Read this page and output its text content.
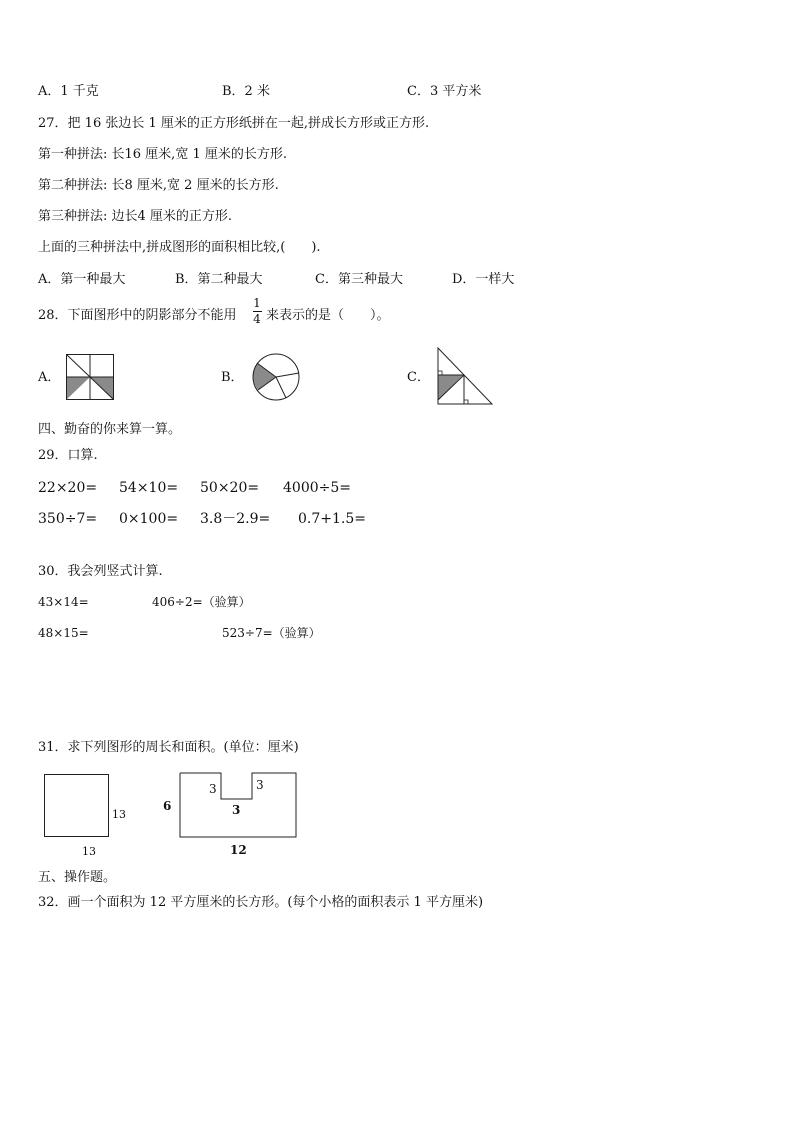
A．1 千克	B．2 米	C．3 平方米
27．把 16 张边长 1 厘米的正方形纸拼在一起,拼成长方形或正方形.
第一种拼法: 长16 厘米,宽 1 厘米的长方形.
第二种拼法: 长8 厘米,宽 2 厘米的长方形.
第三种拼法: 边长4 厘米的正方形.
上面的三种拼法中,拼成图形的面积相比较,(　　).
A．第一种最大	B．第二种最大	C．第三种最大	D．一样大
28．下面图形中的阴影部分不能用
1
4 来表示的是（　　）。
A．	B．	C．
四、勤奋的你来算一算。
29．口算.
22×20= 54×10= 50×20= 4000÷5=
350÷7= 0×100= 3.8－2.9= 0.7+1.5=
30．我会列竖式计算.
43×14=	406÷2=（验算）
48×15=	523÷7=（验算）
31．求下列图形的周长和面积。(单位：厘米)
13
13
6
3	3
3
12
五、操作题。
32．画一个面积为 12 平方厘米的长方形。(每个小格的面积表示 1 平方厘米)
